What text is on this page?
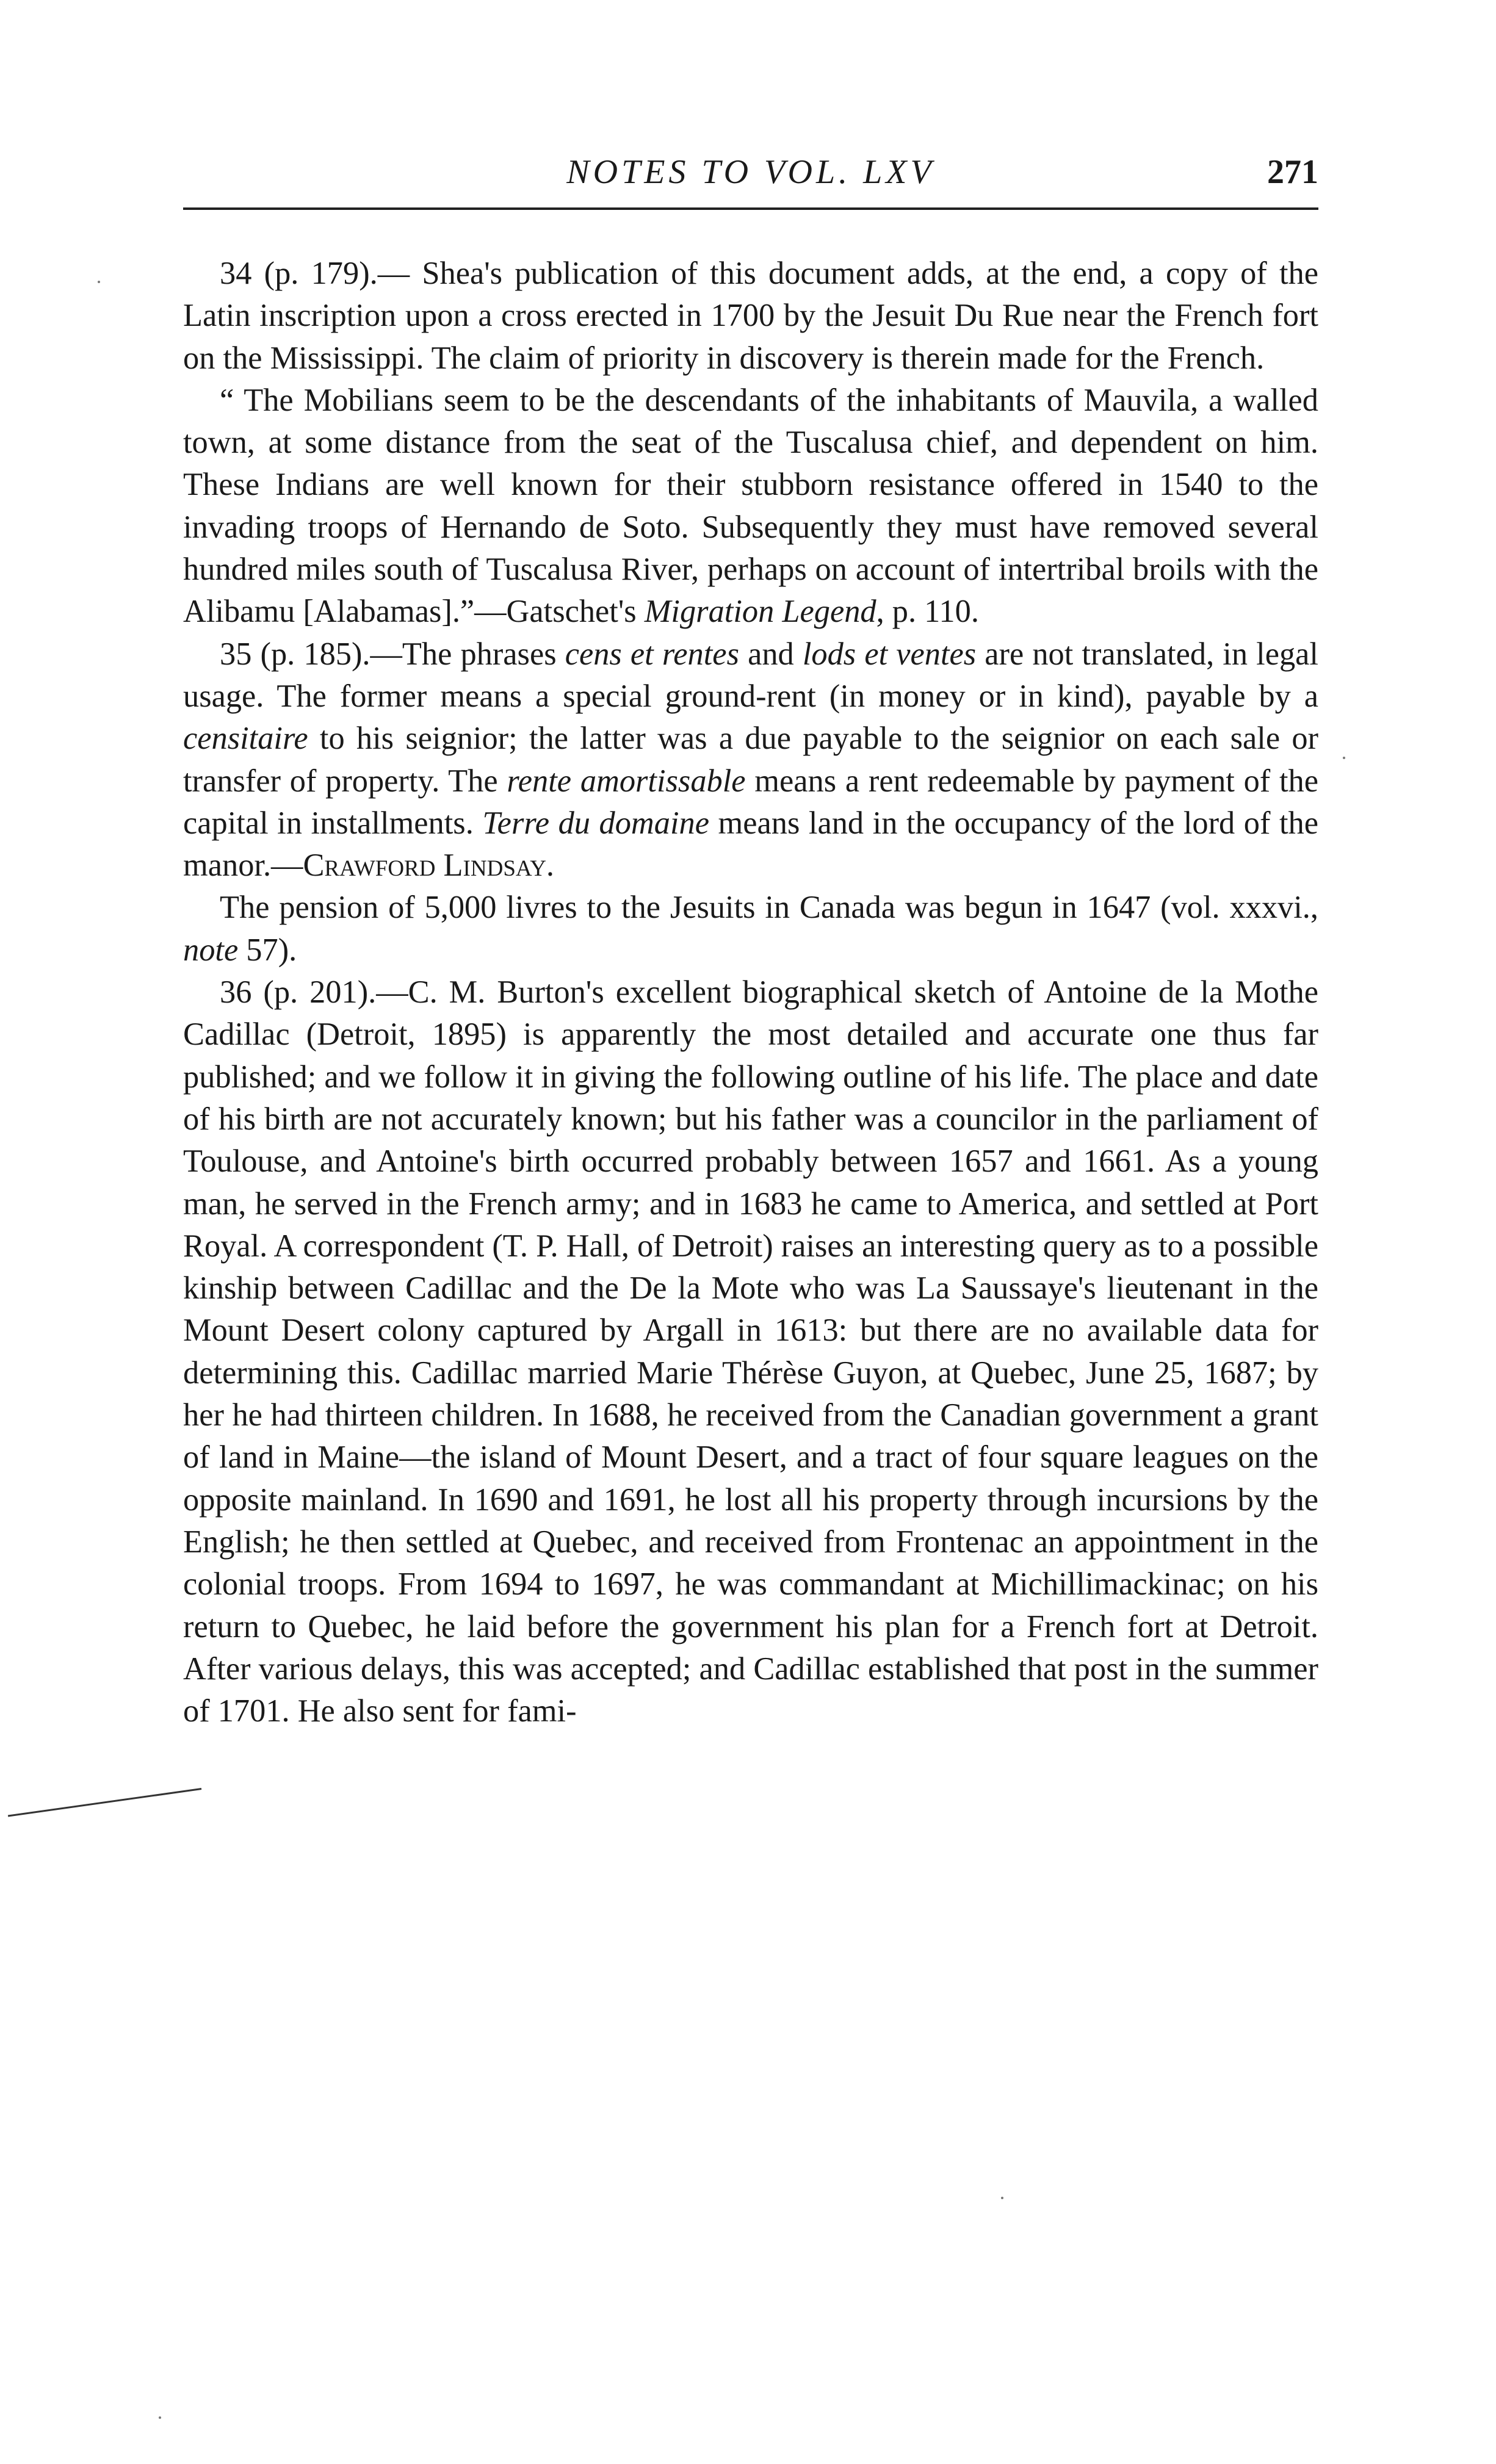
NOTES TO VOL. LXV	271

34 (p. 179).— Shea's publication of this document adds, at the end, a copy of the Latin inscription upon a cross erected in 1700 by the Jesuit Du Rue near the French fort on the Mississippi. The claim of priority in discovery is therein made for the French.

“ The Mobilians seem to be the descendants of the inhabitants of Mauvila, a walled town, at some distance from the seat of the Tuscalusa chief, and dependent on him. These Indians are well known for their stubborn resistance offered in 1540 to the invading troops of Hernando de Soto. Subsequently they must have removed several hundred miles south of Tuscalusa River, perhaps on account of intertribal broils with the Alibamu [Alabamas].”—Gatschet's Migration Legend, p. 110.

35 (p. 185).—The phrases cens et rentes and lods et ventes are not translated, in legal usage. The former means a special ground-rent (in money or in kind), payable by a censitaire to his seignior; the latter was a due payable to the seignior on each sale or transfer of property. The rente amortissable means a rent redeemable by payment of the capital in installments. Terre du domaine means land in the occupancy of the lord of the manor.—Crawford Lindsay.

The pension of 5,000 livres to the Jesuits in Canada was begun in 1647 (vol. xxxvi., note 57).

36 (p. 201).—C. M. Burton's excellent biographical sketch of Antoine de la Mothe Cadillac (Detroit, 1895) is apparently the most detailed and accurate one thus far published; and we follow it in giving the following outline of his life. The place and date of his birth are not accurately known; but his father was a councilor in the parliament of Toulouse, and Antoine's birth occurred probably between 1657 and 1661. As a young man, he served in the French army; and in 1683 he came to America, and settled at Port Royal. A correspondent (T. P. Hall, of Detroit) raises an interesting query as to a possible kinship between Cadillac and the De la Mote who was La Saussaye's lieutenant in the Mount Desert colony captured by Argall in 1613: but there are no available data for determining this. Cadillac married Marie Thérèse Guyon, at Quebec, June 25, 1687; by her he had thirteen children. In 1688, he received from the Canadian government a grant of land in Maine—the island of Mount Desert, and a tract of four square leagues on the opposite mainland. In 1690 and 1691, he lost all his property through incursions by the English; he then settled at Quebec, and received from Frontenac an appointment in the colonial troops. From 1694 to 1697, he was commandant at Michillimackinac; on his return to Quebec, he laid before the government his plan for a French fort at Detroit. After various delays, this was accepted; and Cadillac established that post in the summer of 1701. He also sent for fami-
